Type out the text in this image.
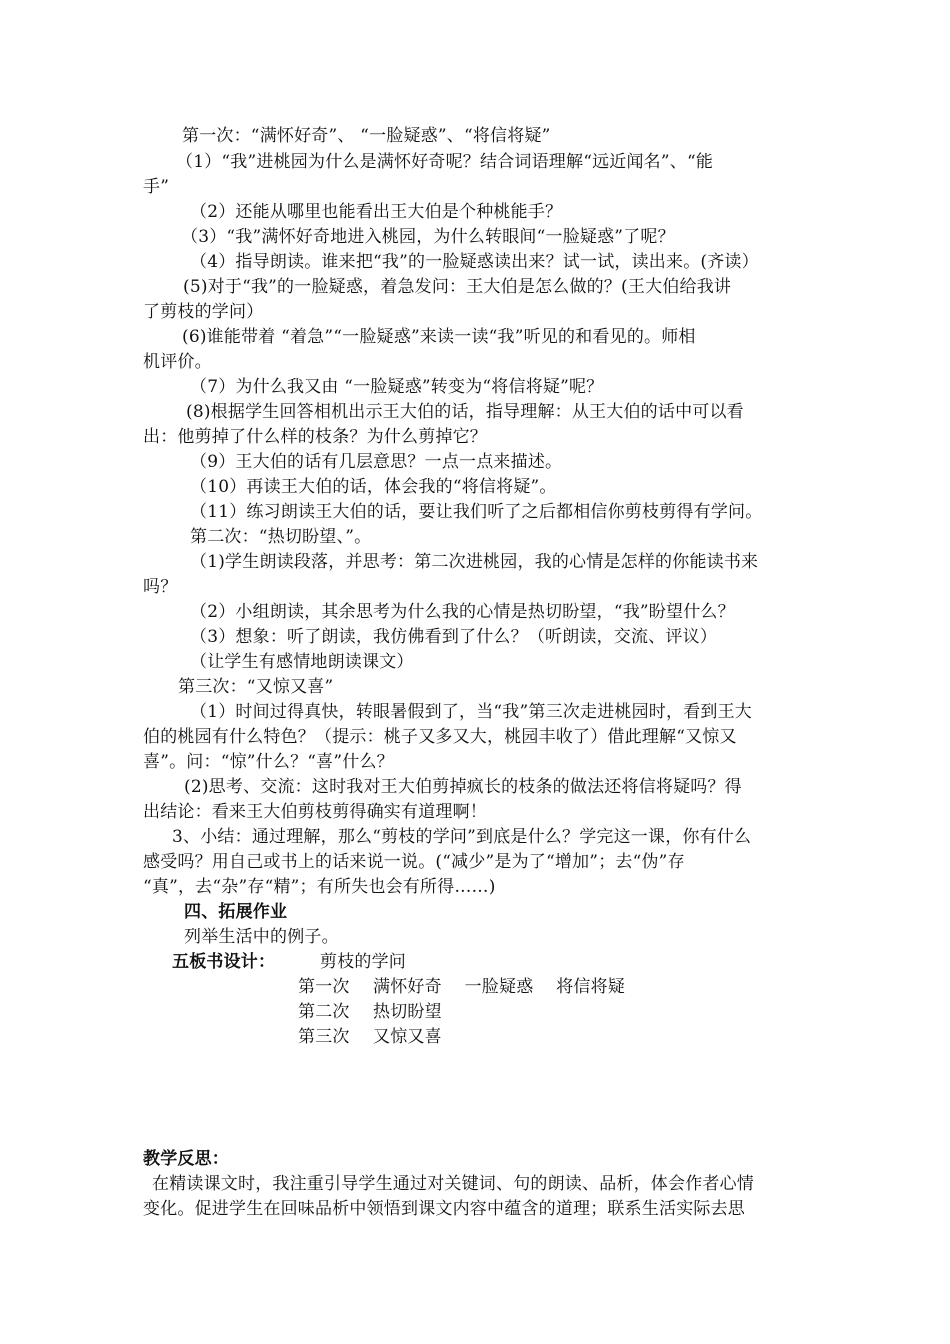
第一次：“满怀好奇”、 “一脸疑惑”、“将信将疑”
（1）“我”进桃园为什么是满怀好奇呢？结合词语理解“远近闻名”、“能
手”
（2）还能从哪里也能看出王大伯是个种桃能手？
（3）“我”满怀好奇地进入桃园，为什么转眼间“一脸疑惑”了呢？
（4）指导朗读。谁来把“我”的一脸疑惑读出来？试一试，读出来。(齐读）
(5)对于“我”的一脸疑惑，着急发问：王大伯是怎么做的？(王大伯给我讲
了剪枝的学问）
(6)谁能带着 “着急”“一脸疑惑”来读一读“我”听见的和看见的。师相
机评价。
（7）为什么我又由 “一脸疑惑”转变为“将信将疑”呢？
(8)根据学生回答相机出示王大伯的话，指导理解：从王大伯的话中可以看
出：他剪掉了什么样的枝条？为什么剪掉它？
（9）王大伯的话有几层意思？一点一点来描述。
（10）再读王大伯的话，体会我的“将信将疑”。
（11）练习朗读王大伯的话，要让我们听了之后都相信你剪枝剪得有学问。
第二次：“热切盼望、”。
（1)学生朗读段落，并思考：第二次进桃园，我的心情是怎样的你能读书来
吗？
（2）小组朗读，其余思考为什么我的心情是热切盼望，“我”盼望什么？
（3）想象：听了朗读，我仿佛看到了什么？（听朗读，交流、评议）
（让学生有感情地朗读课文）
第三次：“又惊又喜”
（1）时间过得真快，转眼暑假到了，当“我”第三次走进桃园时，看到王大
伯的桃园有什么特色？（提示：桃子又多又大，桃园丰收了）借此理解“又惊又
喜”。问：“惊”什么？“喜”什么？
(2)思考、交流：这时我对王大伯剪掉疯长的枝条的做法还将信将疑吗？得
出结论：看来王大伯剪枝剪得确实有道理啊！
3、小结：通过理解，那么“剪枝的学问”到底是什么？学完这一课，你有什么
感受吗？用自己或书上的话来说一说。(“减少”是为了“增加”；去“伪”存
“真”，去“杂”存“精”；有所失也会有所得……)
四、拓展作业
列举生活中的例子。
五板书设计：	剪枝的学问
第一次 满怀好奇　 一脸疑惑　 将信将疑
第二次 热切盼望
第三次 又惊又喜
教学反思：
在精读课文时，我注重引导学生通过对关键词、句的朗读、品析，体会作者心情
变化。促进学生在回味品析中领悟到课文内容中蕴含的道理；联系生活实际去思
